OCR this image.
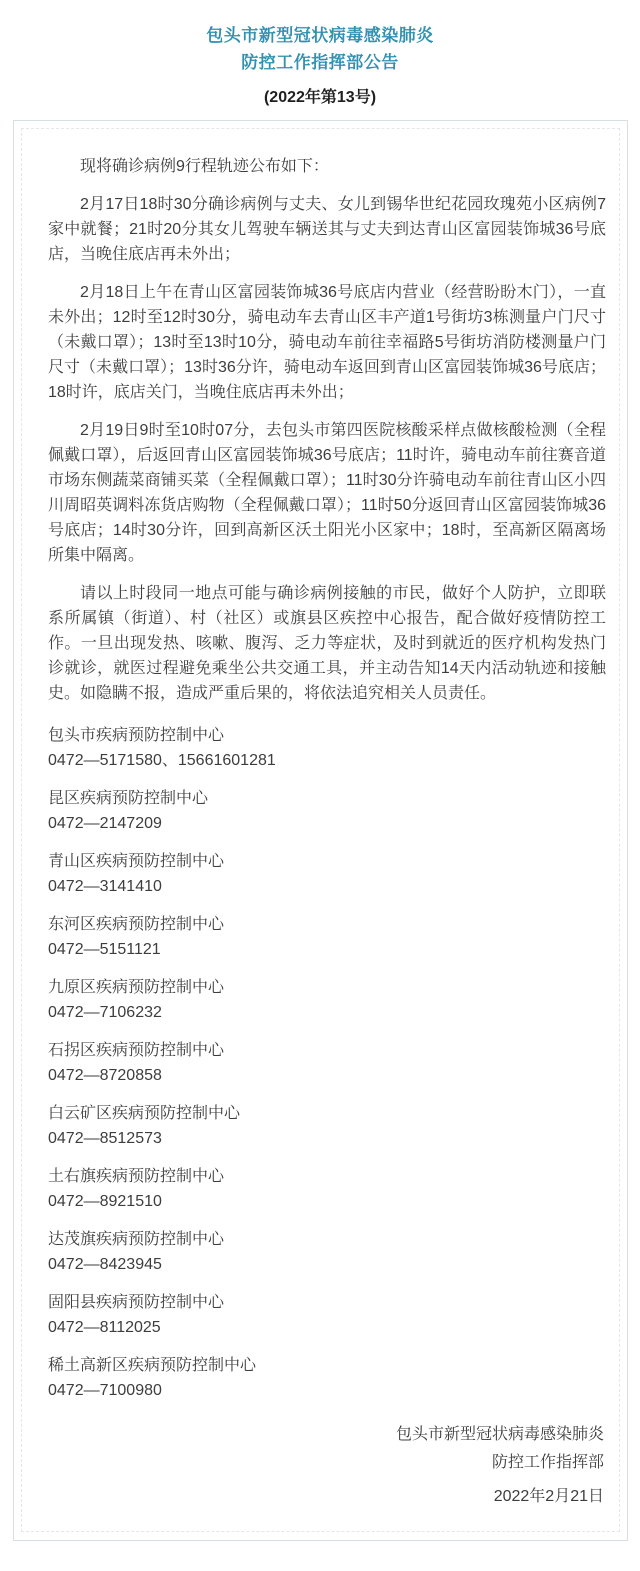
包头市新型冠状病毒感染肺炎
防控工作指挥部公告
(2022年第13号)

现将确诊病例9行程轨迹公布如下：

2月17日18时30分确诊病例与丈夫、女儿到锡华世纪花园玫瑰苑小区病例7家中就餐；21时20分其女儿驾驶车辆送其与丈夫到达青山区富园装饰城36号底店，当晚住底店再未外出；

2月18日上午在青山区富园装饰城36号底店内营业（经营盼盼木门），一直未外出；12时至12时30分，骑电动车去青山区丰产道1号街坊3栋测量户门尺寸（未戴口罩）；13时至13时10分，骑电动车前往幸福路5号街坊消防楼测量户门尺寸（未戴口罩）；13时36分许，骑电动车返回到青山区富园装饰城36号底店；18时许，底店关门，当晚住底店再未外出；

2月19日9时至10时07分，去包头市第四医院核酸采样点做核酸检测（全程佩戴口罩），后返回青山区富园装饰城36号底店；11时许，骑电动车前往赛音道市场东侧蔬菜商铺买菜（全程佩戴口罩）；11时30分许骑电动车前往青山区小四川周昭英调料冻货店购物（全程佩戴口罩）；11时50分返回青山区富园装饰城36号底店；14时30分许，回到高新区沃土阳光小区家中；18时，至高新区隔离场所集中隔离。

请以上时段同一地点可能与确诊病例接触的市民，做好个人防护，立即联系所属镇（街道）、村（社区）或旗县区疾控中心报告，配合做好疫情防控工作。一旦出现发热、咳嗽、腹泻、乏力等症状，及时到就近的医疗机构发热门诊就诊，就医过程避免乘坐公共交通工具，并主动告知14天内活动轨迹和接触史。如隐瞒不报，造成严重后果的，将依法追究相关人员责任。

包头市疾病预防控制中心
0472—5171580、15661601281
昆区疾病预防控制中心
0472—2147209
青山区疾病预防控制中心
0472—3141410
东河区疾病预防控制中心
0472—5151121
九原区疾病预防控制中心
0472—7106232
石拐区疾病预防控制中心
0472—8720858
白云矿区疾病预防控制中心
0472—8512573
土右旗疾病预防控制中心
0472—8921510
达茂旗疾病预防控制中心
0472—8423945
固阳县疾病预防控制中心
0472—8112025
稀土高新区疾病预防控制中心
0472—7100980
包头市新型冠状病毒感染肺炎
防控工作指挥部
2022年2月21日
